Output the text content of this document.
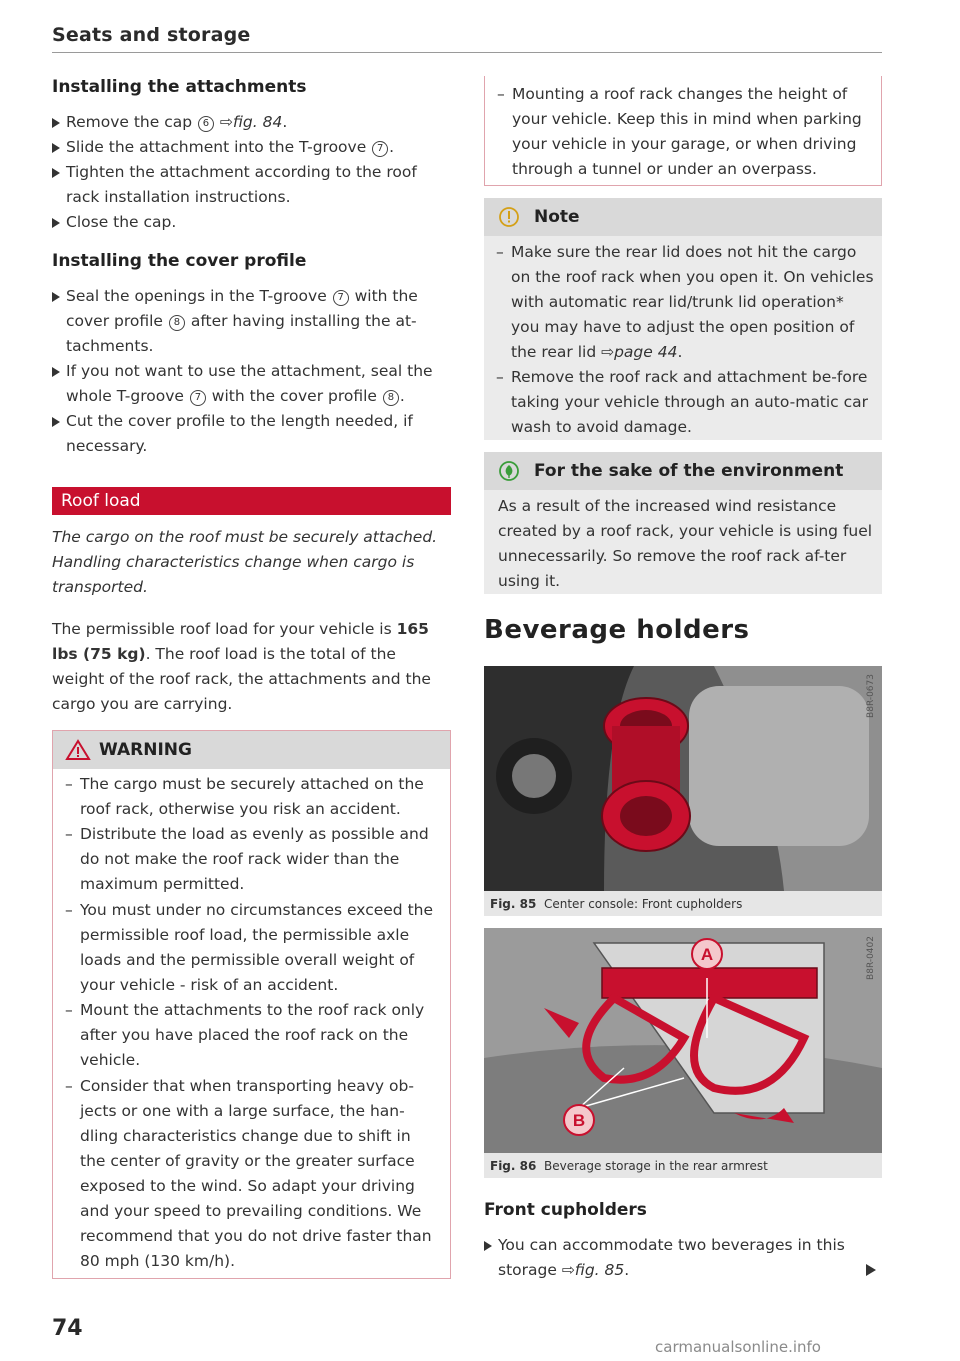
Seats and storage
Installing the attachments
Remove the cap 6 ⇨fig. 84.
Slide the attachment into the T-groove 7 .
Tighten the attachment according to the roof rack installation instructions.
Close the cap.
Installing the cover profile
Seal the openings in the T-groove 7 with the cover profile 8 after having installing the at-tachments.
If you not want to use the attachment, seal the whole T-groove 7 with the cover profile 8 .
Cut the cover profile to the length needed, if necessary.
Roof load
The cargo on the roof must be securely attached. Handling characteristics change when cargo is transported.
The permissible roof load for your vehicle is 165 lbs (75 kg). The roof load is the total of the weight of the roof rack, the attachments and the cargo you are carrying.
WARNING
– The cargo must be securely attached on the roof rack, otherwise you risk an accident.
– Distribute the load as evenly as possible and do not make the roof rack wider than the maximum permitted.
– You must under no circumstances exceed the permissible roof load, the permissible axle loads and the permissible overall weight of your vehicle - risk of an accident.
– Mount the attachments to the roof rack only after you have placed the roof rack on the vehicle.
– Consider that when transporting heavy ob-jects or one with a large surface, the han-dling characteristics change due to shift in the center of gravity or the greater surface exposed to the wind. So adapt your driving and your speed to prevailing conditions. We recommend that you do not drive faster than 80 mph (130 km/h).
74
– Mounting a roof rack changes the height of your vehicle. Keep this in mind when parking your vehicle in your garage, or when driving through a tunnel or under an overpass.
Note
– Make sure the rear lid does not hit the cargo on the roof rack when you open it. On vehicles with automatic rear lid/trunk lid operation* you may have to adjust the open position of the rear lid ⇨page 44.
– Remove the roof rack and attachment be-fore taking your vehicle through an auto-matic car wash to avoid damage.
For the sake of the environment
As a result of the increased wind resistance created by a roof rack, your vehicle is using fuel unnecessarily. So remove the roof rack af-ter using it.
Beverage holders
B8R-0673
Fig. 85 Center console: Front cupholders
A
B
B8R-0402
Fig. 86 Beverage storage in the rear armrest
Front cupholders
You can accommodate two beverages in this storage ⇨fig. 85.
carmanualsonline.info
